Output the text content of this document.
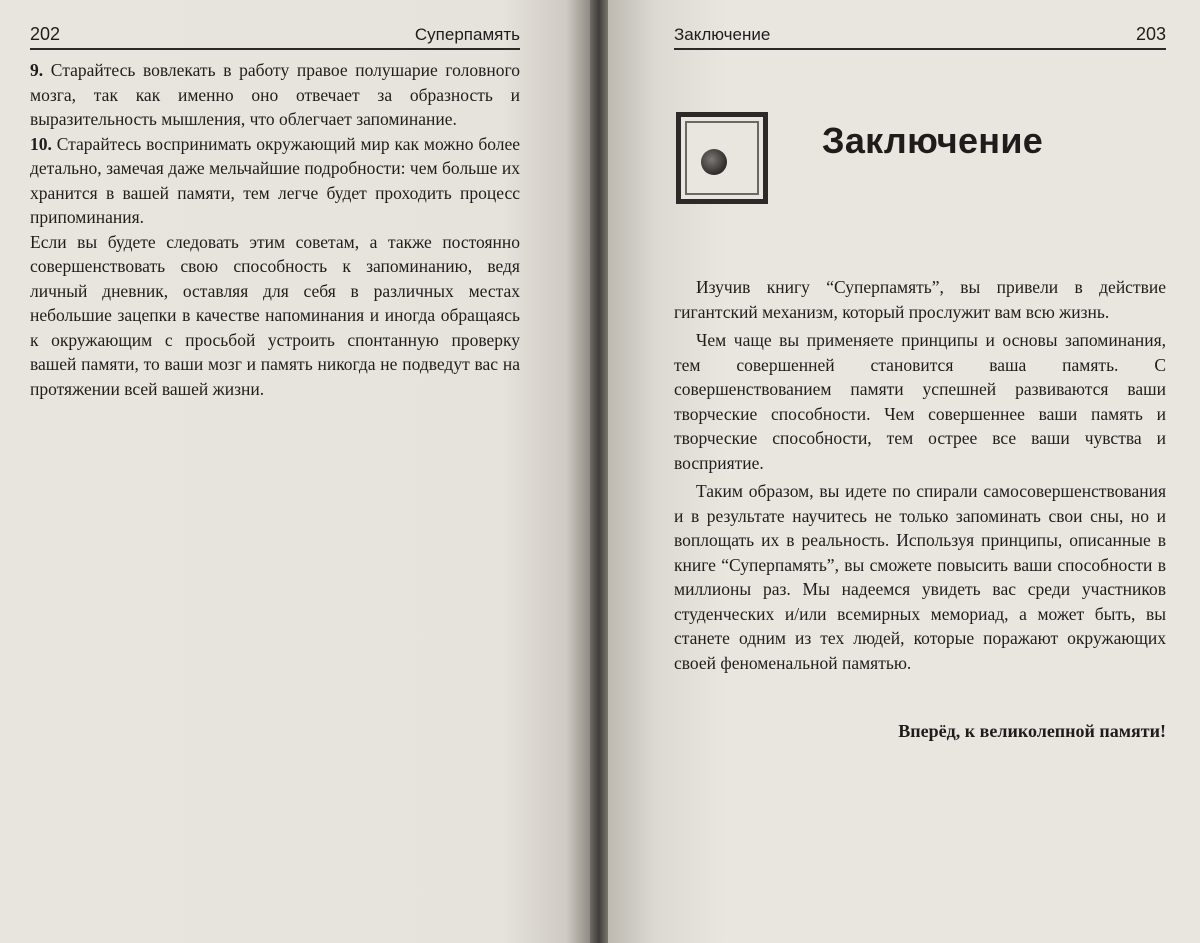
202	Суперпамять

9. Старайтесь вовлекать в работу правое полушарие головного мозга, так как именно оно отвечает за образность и выразительность мышления, что облегчает запоминание.

10. Старайтесь воспринимать окружающий мир как можно более детально, замечая даже мельчайшие подробности: чем больше их хранится в вашей памяти, тем легче будет проходить процесс припоминания.

Если вы будете следовать этим советам, а также постоянно совершенствовать свою способность к запоминанию, ведя личный дневник, оставляя для себя в различных местах небольшие зацепки в качестве напоминания и иногда обращаясь к окружающим с просьбой устроить спонтанную проверку вашей памяти, то ваши мозг и память никогда не подведут вас на протяжении всей вашей жизни.

Заключение	203
Заключение

Изучив книгу “Суперпамять”, вы привели в действие гигантский механизм, который прослужит вам всю жизнь.

Чем чаще вы применяете принципы и основы запоминания, тем совершенней становится ваша память. С совершенствованием памяти успешней развиваются ваши творческие способности. Чем совершеннее ваши память и творческие способности, тем острее все ваши чувства и восприятие.

Таким образом, вы идете по спирали самосовершенствования и в результате научитесь не только запоминать свои сны, но и воплощать их в реальность. Используя принципы, описанные в книге “Суперпамять”, вы сможете повысить ваши способности в миллионы раз. Мы надеемся увидеть вас среди участников студенческих и/или всемирных мемориад, а может быть, вы станете одним из тех людей, которые поражают окружающих своей феноменальной памятью.

Вперёд, к великолепной памяти!
